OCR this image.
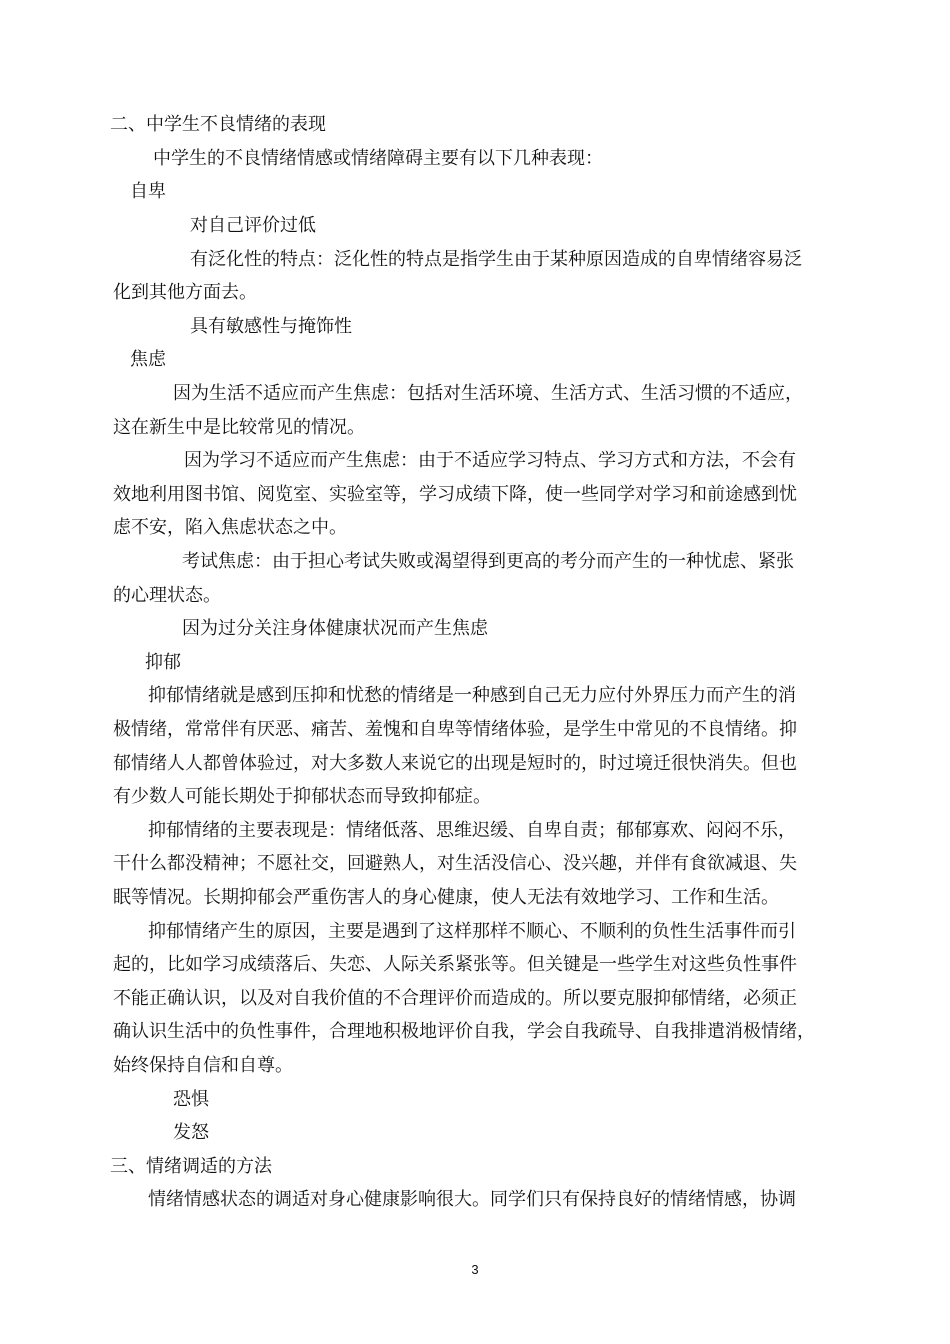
二、中学生不良情绪的表现
中学生的不良情绪情感或情绪障碍主要有以下几种表现：
自卑
对自己评价过低
有泛化性的特点：泛化性的特点是指学生由于某种原因造成的自卑情绪容易泛
化到其他方面去。
具有敏感性与掩饰性
焦虑
因为生活不适应而产生焦虑：包括对生活环境、生活方式、生活习惯的不适应，
这在新生中是比较常见的情况。
因为学习不适应而产生焦虑：由于不适应学习特点、学习方式和方法，不会有
效地利用图书馆、阅览室、实验室等，学习成绩下降，使一些同学对学习和前途感到忧
虑不安，陷入焦虑状态之中。
考试焦虑：由于担心考试失败或渴望得到更高的考分而产生的一种忧虑、紧张
的心理状态。
因为过分关注身体健康状况而产生焦虑
抑郁
抑郁情绪就是感到压抑和忧愁的情绪是一种感到自己无力应付外界压力而产生的消
极情绪，常常伴有厌恶、痛苦、羞愧和自卑等情绪体验，是学生中常见的不良情绪。抑
郁情绪人人都曾体验过，对大多数人来说它的出现是短时的，时过境迁很快消失。但也
有少数人可能长期处于抑郁状态而导致抑郁症。
抑郁情绪的主要表现是：情绪低落、思维迟缓、自卑自责；郁郁寡欢、闷闷不乐，
干什么都没精神；不愿社交，回避熟人，对生活没信心、没兴趣，并伴有食欲减退、失
眠等情况。长期抑郁会严重伤害人的身心健康，使人无法有效地学习、工作和生活。
抑郁情绪产生的原因，主要是遇到了这样那样不顺心、不顺利的负性生活事件而引
起的，比如学习成绩落后、失恋、人际关系紧张等。但关键是一些学生对这些负性事件
不能正确认识，以及对自我价值的不合理评价而造成的。所以要克服抑郁情绪，必须正
确认识生活中的负性事件，合理地积极地评价自我，学会自我疏导、自我排遣消极情绪，
始终保持自信和自尊。
恐惧
发怒
三、情绪调适的方法
情绪情感状态的调适对身心健康影响很大。同学们只有保持良好的情绪情感，协调
3
